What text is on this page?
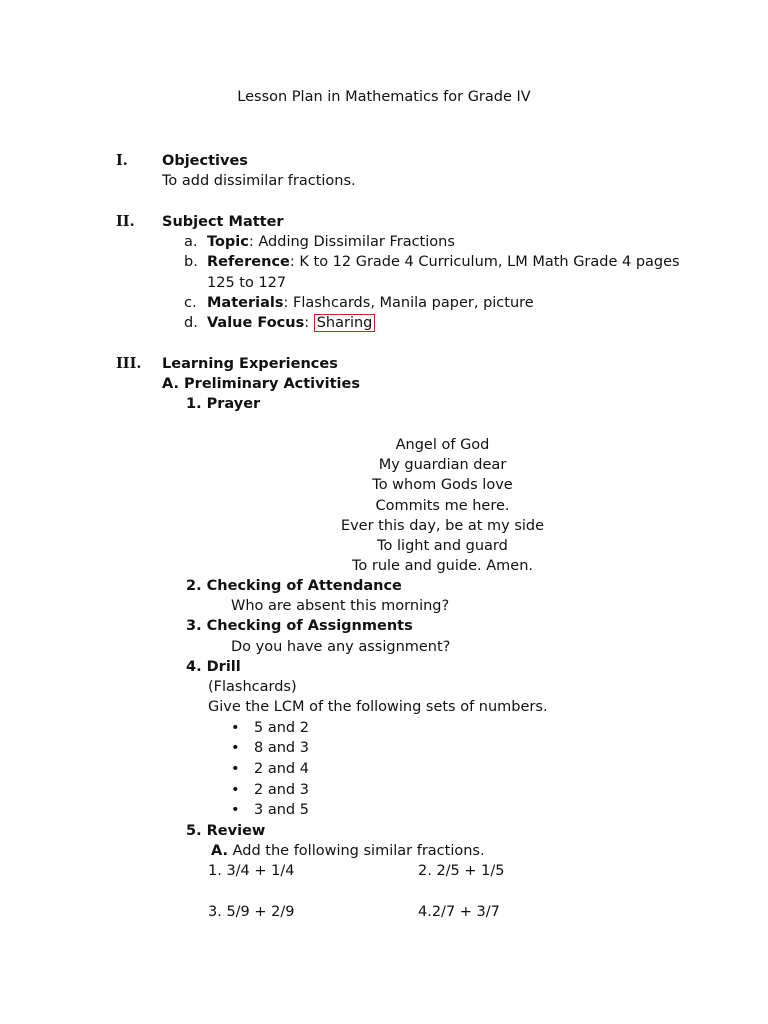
Lesson Plan in Mathematics for Grade IV
I. Objectives
To add dissimilar fractions.
II. Subject Matter
a. Topic: Adding Dissimilar Fractions
b. Reference: K to 12 Grade 4 Curriculum, LM Math Grade 4 pages
125 to 127
c. Materials: Flashcards, Manila paper, picture
d. Value Focus: Sharing
III. Learning Experiences
A. Preliminary Activities
1. Prayer
Angel of God
My guardian dear
To whom Gods love
Commits me here.
Ever this day, be at my side
To light and guard
To rule and guide. Amen.
2. Checking of Attendance
Who are absent this morning?
3. Checking of Assignments
Do you have any assignment?
4. Drill
(Flashcards)
Give the LCM of the following sets of numbers.
• 5 and 2
• 8 and 3
• 2 and 4
• 2 and 3
• 3 and 5
5. Review
A. Add the following similar fractions.
1. 3/4 + 1/4	2. 2/5 + 1/5
3. 5/9 + 2/9	4.2/7 + 3/7
